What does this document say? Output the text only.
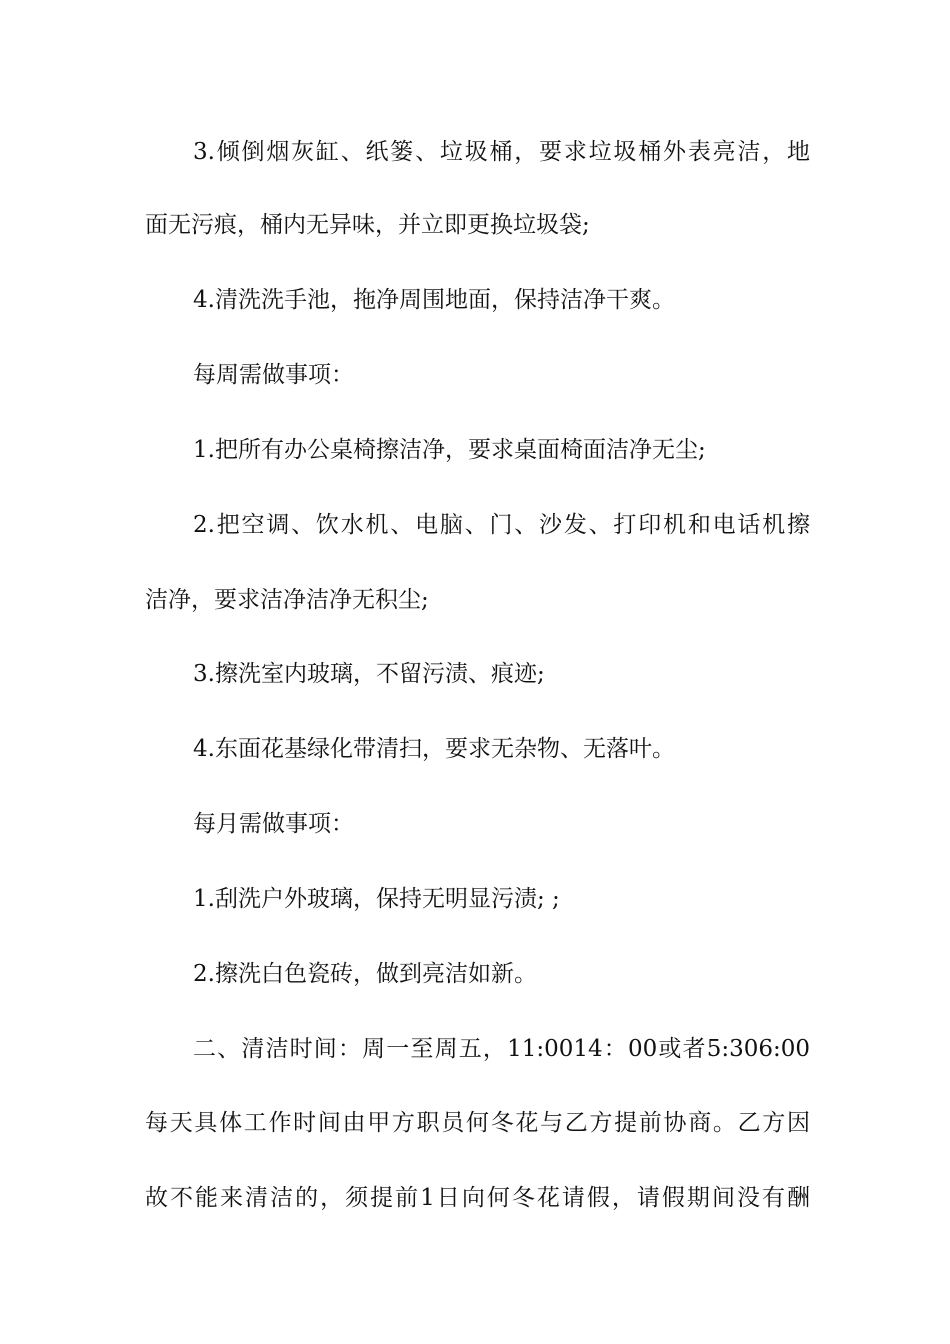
3.倾倒烟灰缸、纸篓、垃圾桶，要求垃圾桶外表亮洁，地
面无污痕，桶内无异味，并立即更换垃圾袋;
4.清洗洗手池，拖净周围地面，保持洁净干爽。
每周需做事项：
1.把所有办公桌椅擦洁净，要求桌面椅面洁净无尘;
2.把空调、饮水机、电脑、门、沙发、打印机和电话机擦
洁净，要求洁净洁净无积尘;
3.擦洗室内玻璃，不留污渍、痕迹;
4.东面花基绿化带清扫，要求无杂物、无落叶。
每月需做事项：
1.刮洗户外玻璃，保持无明显污渍; ;
2.擦洗白色瓷砖，做到亮洁如新。
二、清洁时间：周一至周五，11:0014：00或者5:306:00
每天具体工作时间由甲方职员何冬花与乙方提前协商。乙方因
故不能来清洁的，须提前1日向何冬花请假，请假期间没有酬
